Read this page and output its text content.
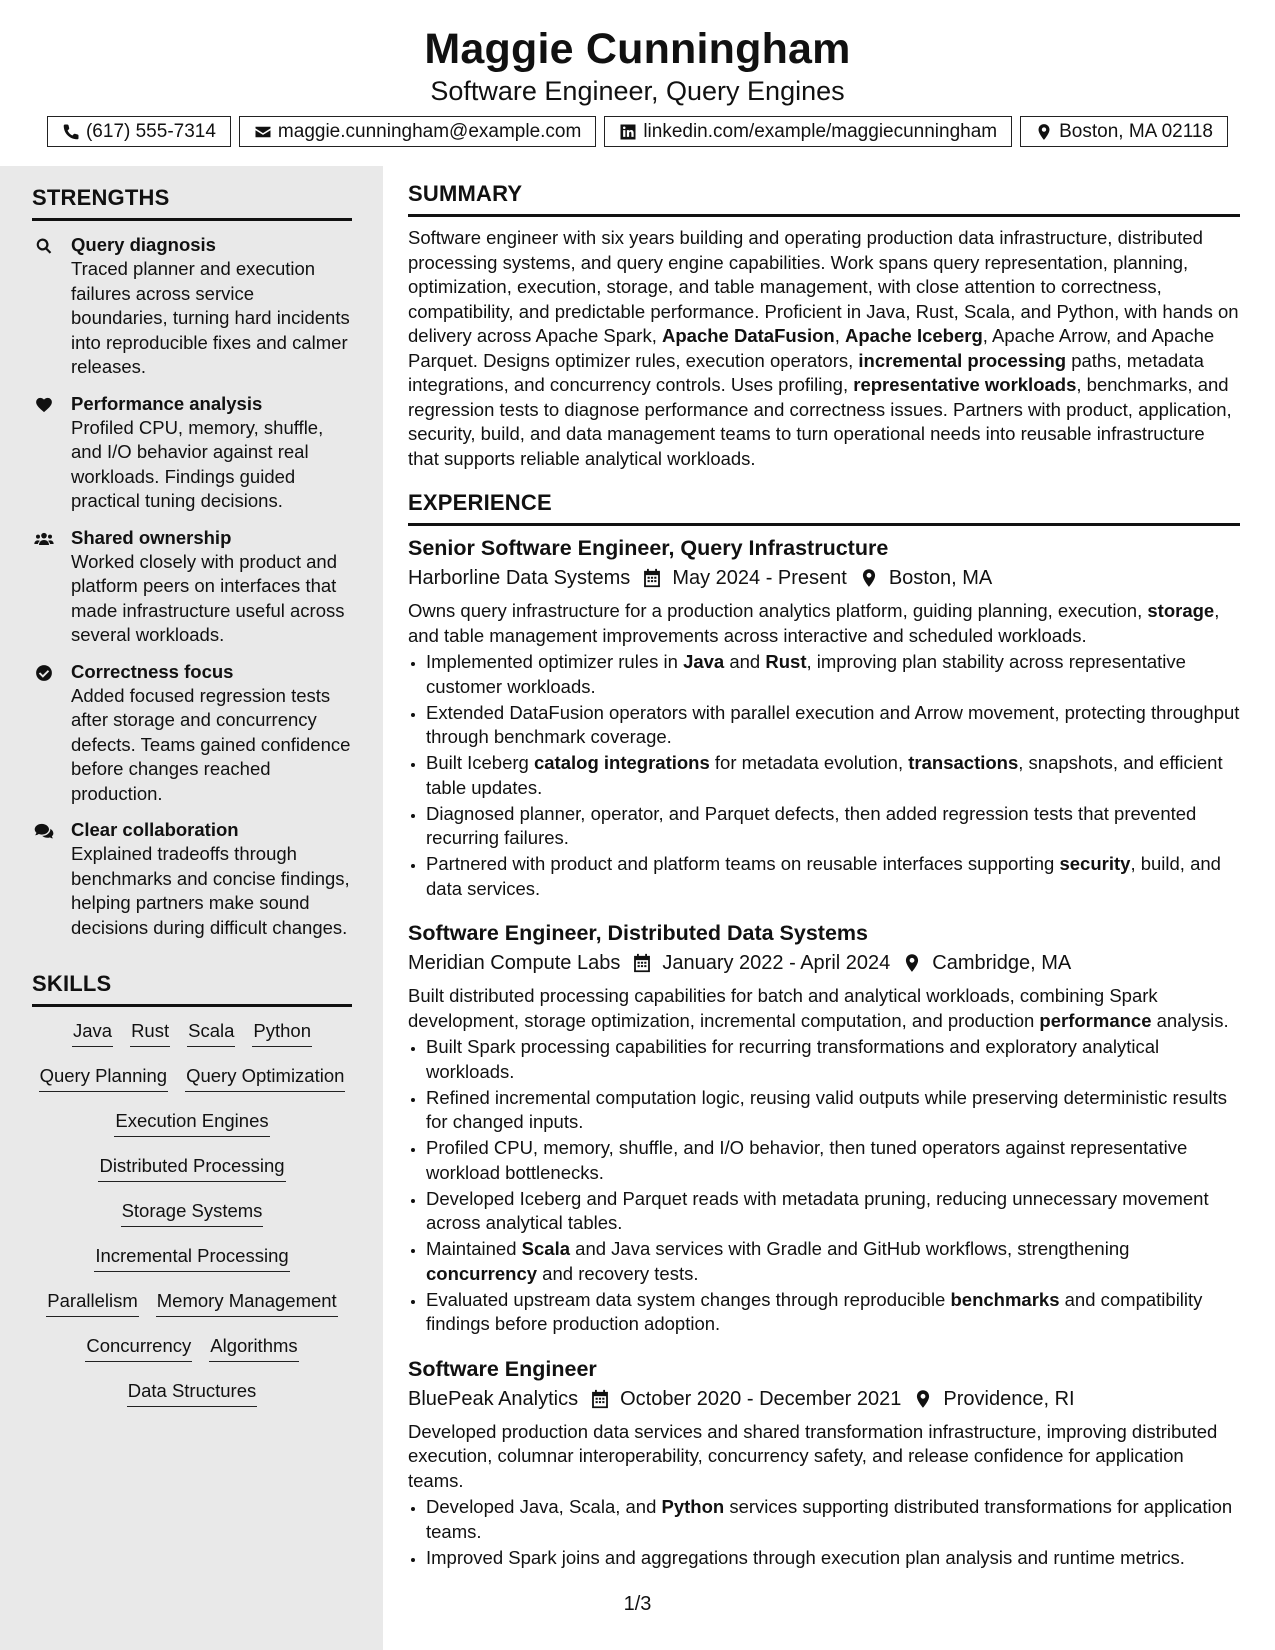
Maggie Cunningham
Software Engineer, Query Engines
(617) 555-7314	maggie.cunningham@example.com	linkedin.com/example/maggiecunningham	Boston, MA 02118
STRENGTHS
Query diagnosis
Traced planner and execution failures across service boundaries, turning hard incidents into reproducible fixes and calmer releases.
Performance analysis
Profiled CPU, memory, shuffle, and I/O behavior against real workloads. Findings guided practical tuning decisions.
Shared ownership
Worked closely with product and platform peers on interfaces that made infrastructure useful across several workloads.
Correctness focus
Added focused regression tests after storage and concurrency defects. Teams gained confidence before changes reached production.
Clear collaboration
Explained tradeoffs through benchmarks and concise findings, helping partners make sound decisions during difficult changes.
SKILLS
Java Rust Scala Python
Query Planning Query Optimization
Execution Engines
Distributed Processing
Storage Systems
Incremental Processing
Parallelism Memory Management
Concurrency Algorithms
Data Structures
SUMMARY

Software engineer with six years building and operating production data infrastructure, distributed processing systems, and query engine capabilities. Work spans query representation, planning, optimization, execution, storage, and table management, with close attention to correctness, compatibility, and predictable performance. Proficient in Java, Rust, Scala, and Python, with hands on delivery across Apache Spark, Apache DataFusion, Apache Iceberg, Apache Arrow, and Apache Parquet. Designs optimizer rules, execution operators, incremental processing paths, metadata integrations, and concurrency controls. Uses profiling, representative workloads, benchmarks, and regression tests to diagnose performance and correctness issues. Partners with product, application, security, build, and data management teams to turn operational needs into reusable infrastructure that supports reliable analytical workloads.

EXPERIENCE
Senior Software Engineer, Query Infrastructure
Harborline Data Systems May 2024 - Present Boston, MA

Owns query infrastructure for a production analytics platform, guiding planning, execution, storage, and table management improvements across interactive and scheduled workloads.

• Implemented optimizer rules in Java and Rust, improving plan stability across representative customer workloads.
• Extended DataFusion operators with parallel execution and Arrow movement, protecting throughput through benchmark coverage.
• Built Iceberg catalog integrations for metadata evolution, transactions, snapshots, and efficient table updates.
• Diagnosed planner, operator, and Parquet defects, then added regression tests that prevented recurring failures.
• Partnered with product and platform teams on reusable interfaces supporting security, build, and data services.
Software Engineer, Distributed Data Systems
Meridian Compute Labs January 2022 - April 2024 Cambridge, MA

Built distributed processing capabilities for batch and analytical workloads, combining Spark development, storage optimization, incremental computation, and production performance analysis.

• Built Spark processing capabilities for recurring transformations and exploratory analytical workloads.
• Refined incremental computation logic, reusing valid outputs while preserving deterministic results for changed inputs.
• Profiled CPU, memory, shuffle, and I/O behavior, then tuned operators against representative workload bottlenecks.
• Developed Iceberg and Parquet reads with metadata pruning, reducing unnecessary movement across analytical tables.
• Maintained Scala and Java services with Gradle and GitHub workflows, strengthening concurrency and recovery tests.
• Evaluated upstream data system changes through reproducible benchmarks and compatibility findings before production adoption.
Software Engineer
BluePeak Analytics October 2020 - December 2021 Providence, RI

Developed production data services and shared transformation infrastructure, improving distributed execution, columnar interoperability, concurrency safety, and release confidence for application teams.

• Developed Java, Scala, and Python services supporting distributed transformations for application teams.
• Improved Spark joins and aggregations through execution plan analysis and runtime metrics.
1/3
